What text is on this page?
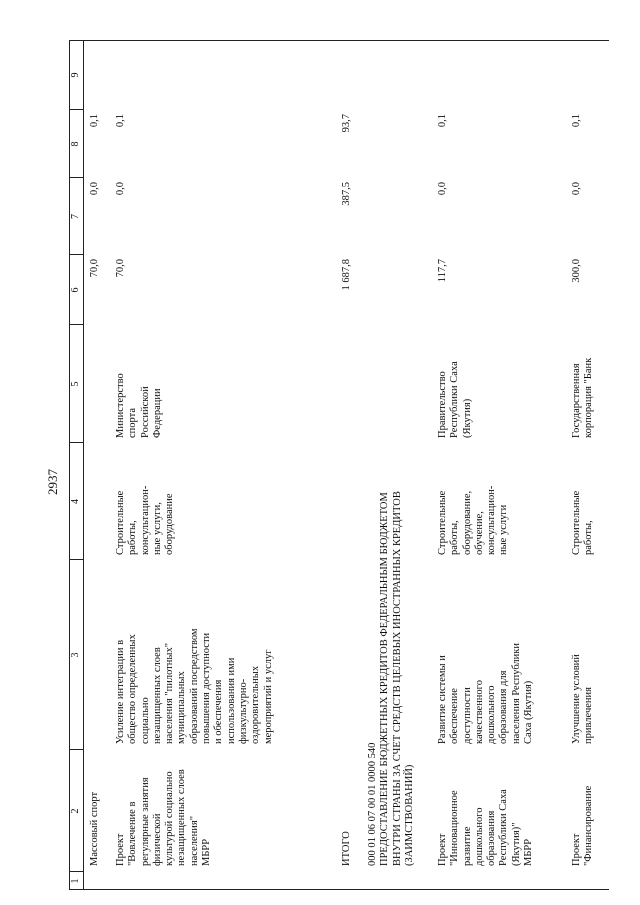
2937
1
2
3
4
5
6
7
8
9
Массовый спорт
70,0
0,0
0,1
Проект "Вовлечение в регулярные занятия физической культурой социально незащищенных слоев населения" МБРР
Усиление интеграции в общество определенных социально незащищенных слоев населения "пилотных" муниципальных образований посредством повышения доступности и обеспечения использования ими физкультурно- оздоровительных мероприятий и услуг
Строительные работы, консультацион- ные услуги, оборудование
Министерство спорта Российской Федерации
70,0
0,0
0,1
ИТОГО
1 687,8
387,5
93,7
000 01 06 07 00 01 0000 540 ПРЕДОСТАВЛЕНИЕ БЮДЖЕТНЫХ КРЕДИТОВ ФЕДЕРАЛЬНЫМ БЮДЖЕТОМ ВНУТРИ СТРАНЫ ЗА СЧЕТ СРЕДСТВ ЦЕЛЕВЫХ ИНОСТРАННЫХ КРЕДИТОВ (ЗАИМСТВОВАНИЙ) Проект "Инновационное развитие дошкольного образования Республики Саха (Якутия)" МБРР
Развитие системы и обеспечение доступности качественного дошкольного образования для населения Республики Саха (Якутия)
Строительные работы, оборудование, обучение, консультацион- ные услуги
Правительство Республики Саха (Якутия)
117,7
0,0
0,1
Проект "Финансирование
Улучшение условий привлечения
Строительные работы,
Государственная корпорация "Банк
300,0
0,0
0,1
